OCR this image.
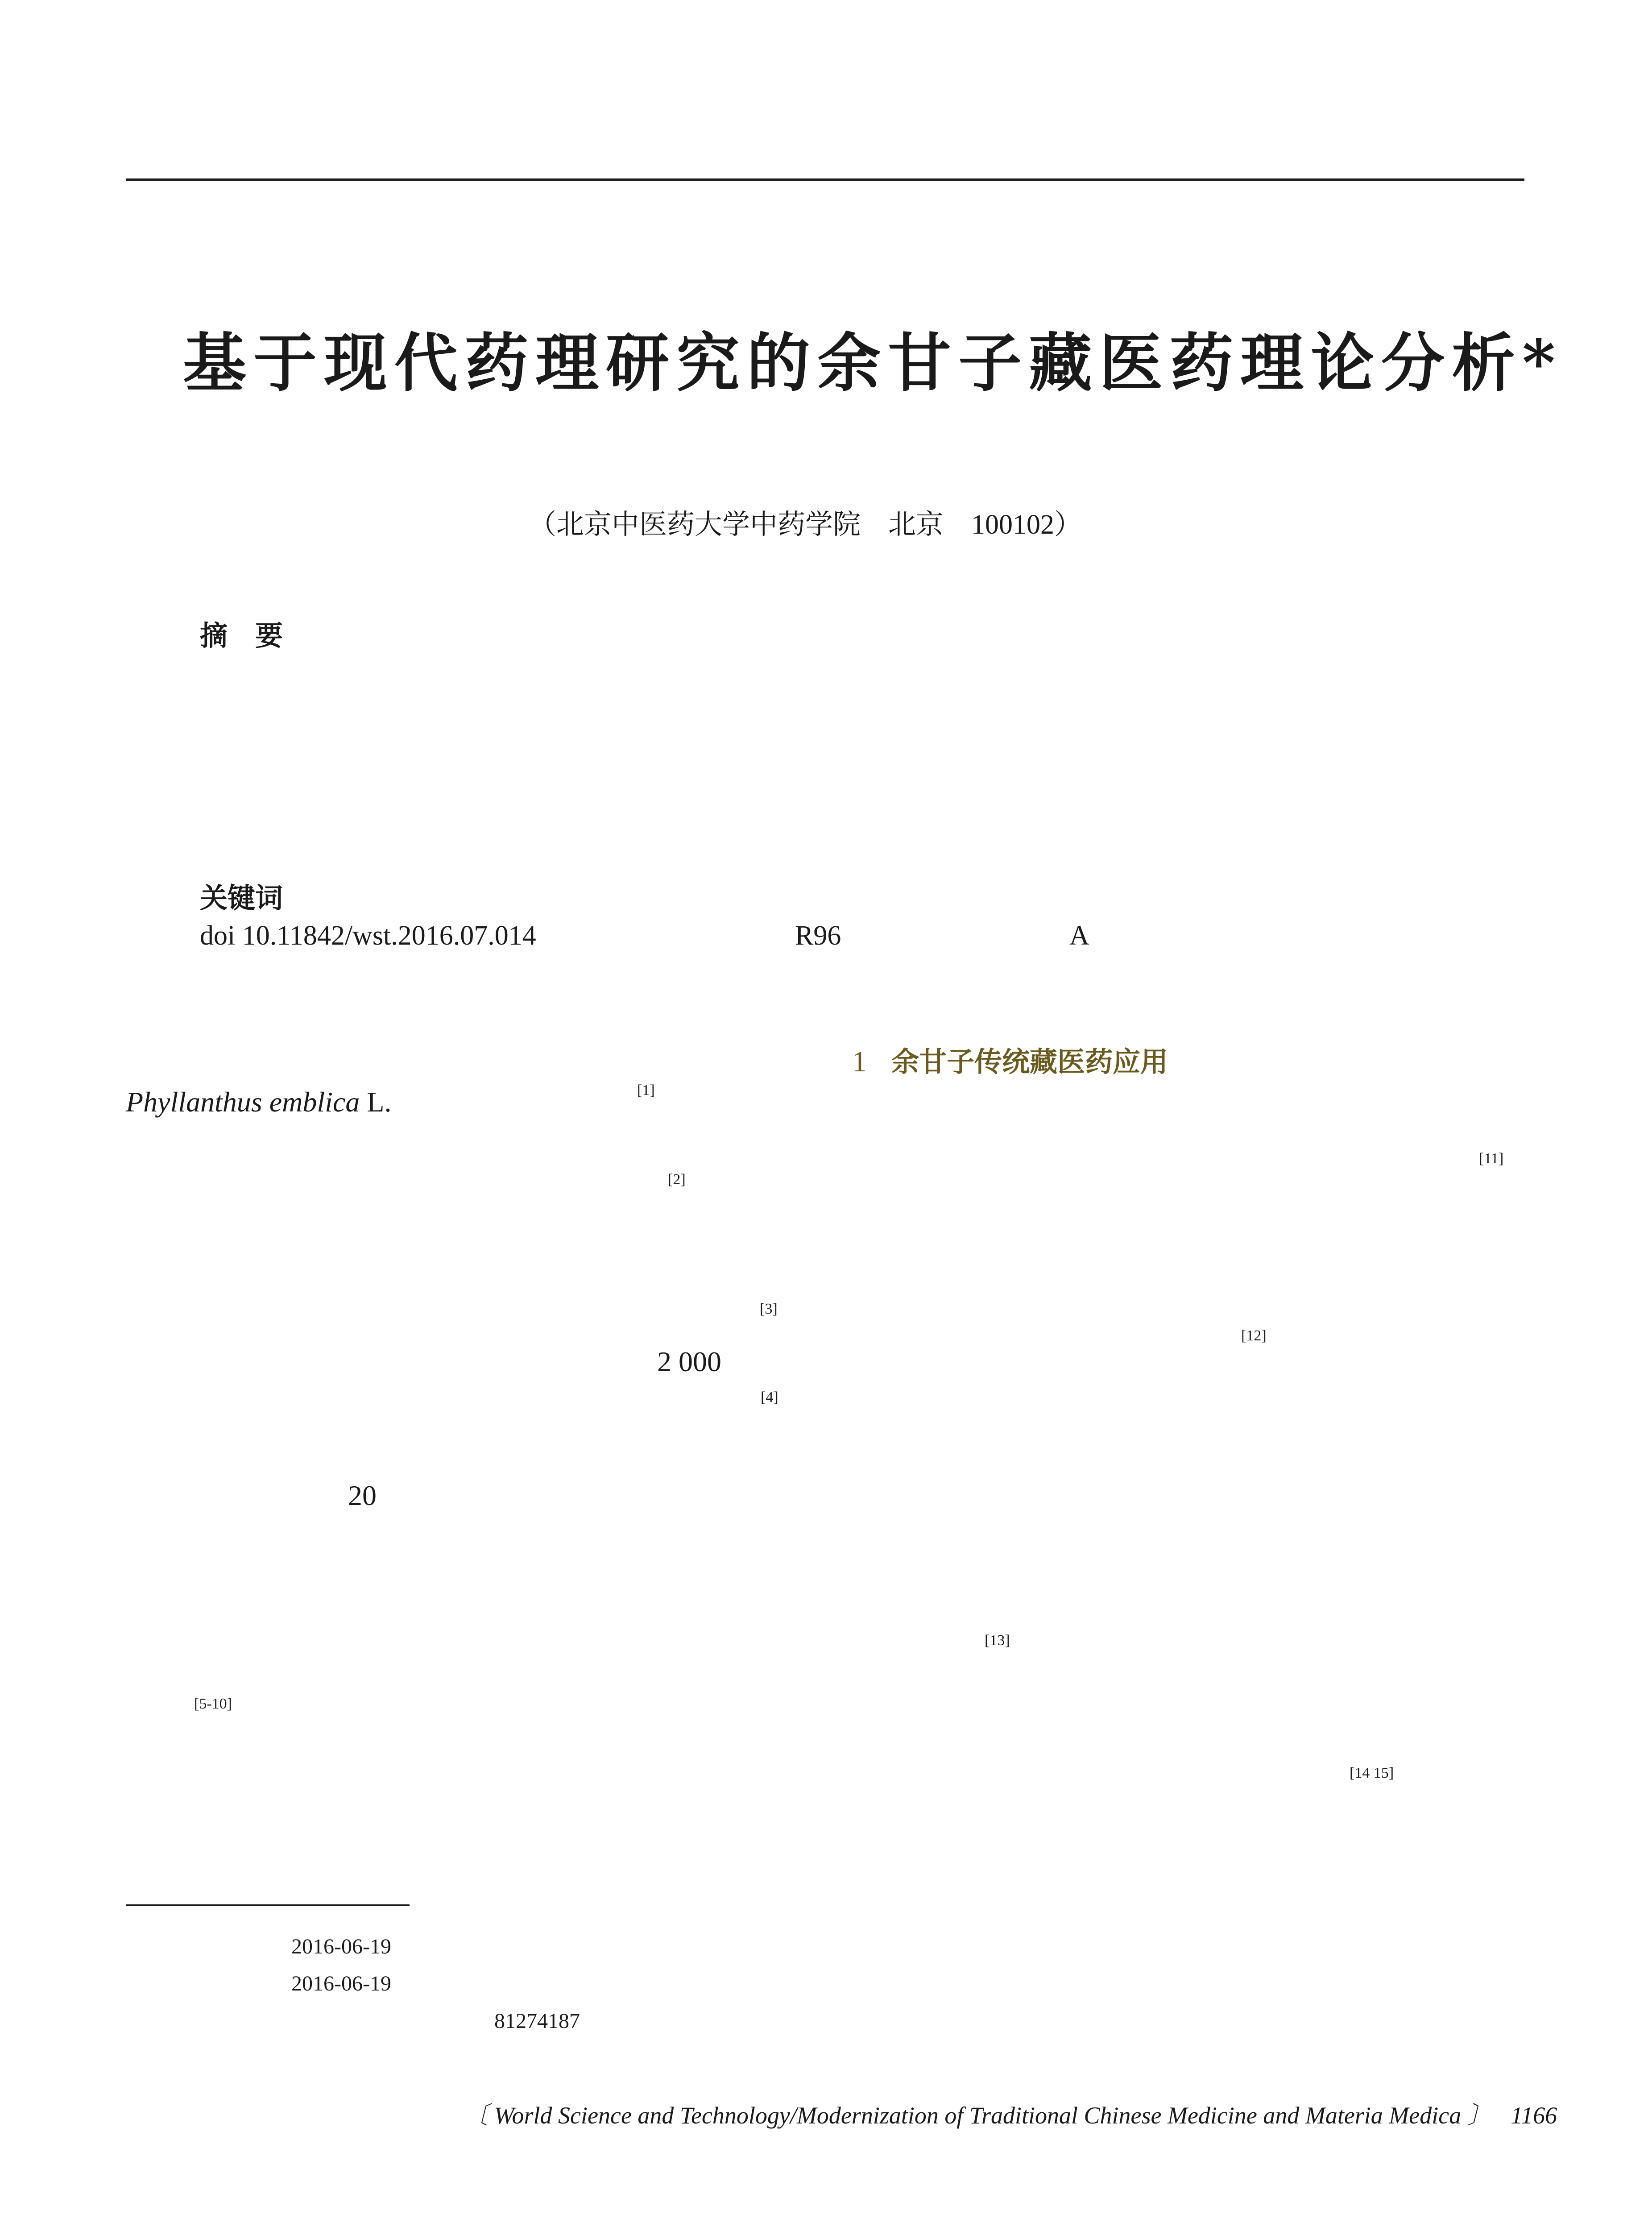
基于现代药理研究的余甘子藏医药理论分析*
（北京中医药大学中药学院　北京　100102）
摘　要
关键词
doi 10.11842/wst.2016.07.014	R96	A
1 余甘子传统藏医药应用
Phyllanthus emblica L.	[1]
[2]
[3]
2 000
[4]
20
[5-10]
[11]
[12]
[13]
[14 15]
2016-06-19
2016-06-19
81274187
〔 World Science and Technology/Modernization of Traditional Chinese Medicine and Materia Medica 〕 1166
